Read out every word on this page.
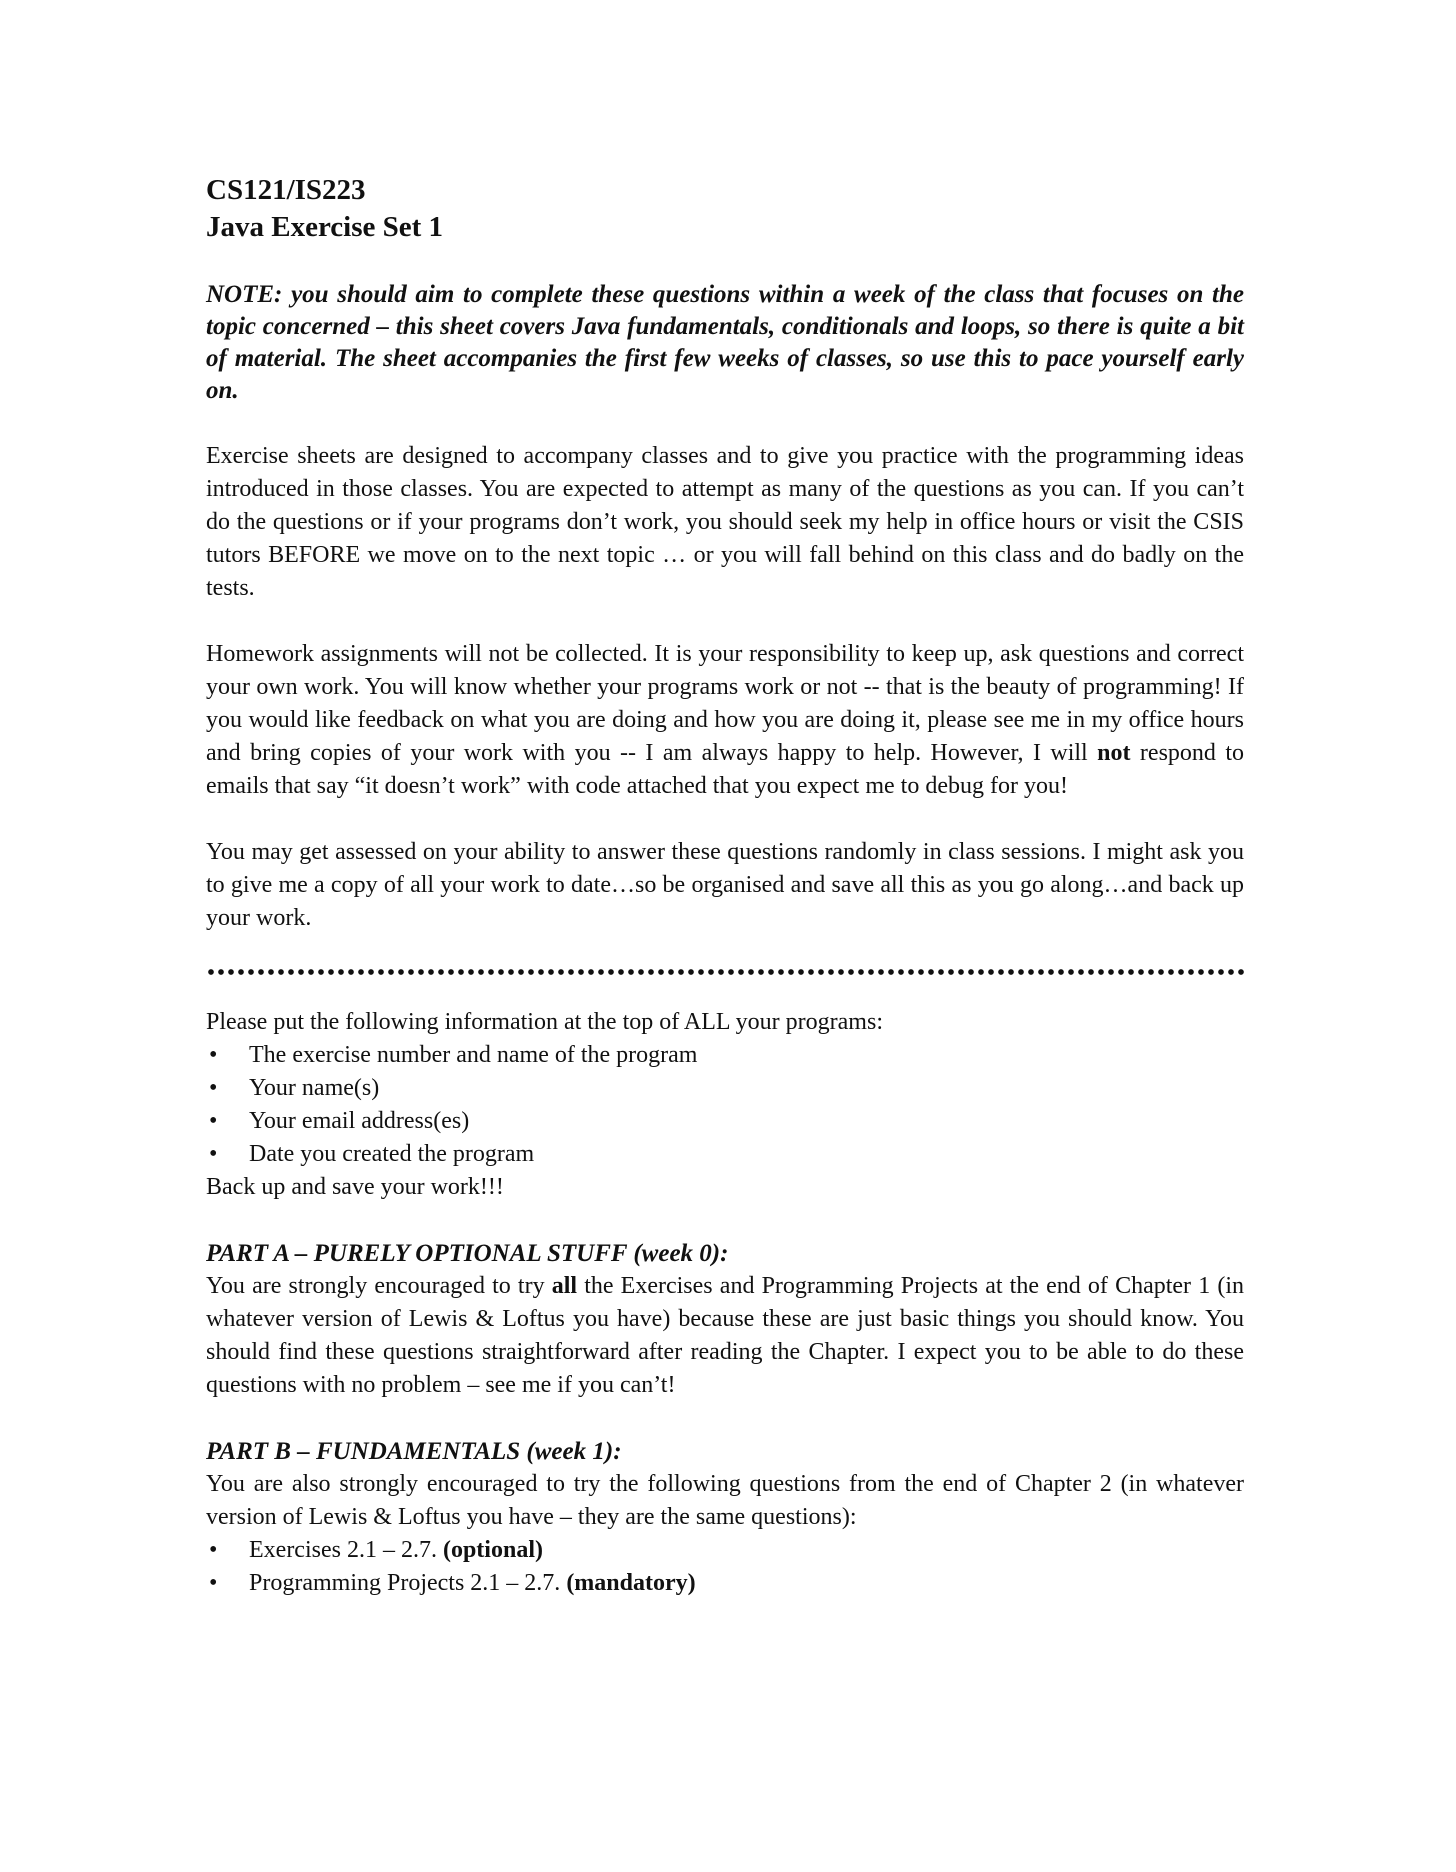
CS121/IS223
Java Exercise Set 1
NOTE: you should aim to complete these questions within a week of the class that focuses on the topic concerned – this sheet covers Java fundamentals, conditionals and loops, so there is quite a bit of material. The sheet accompanies the first few weeks of classes, so use this to pace yourself early on.
Exercise sheets are designed to accompany classes and to give you practice with the programming ideas introduced in those classes. You are expected to attempt as many of the questions as you can. If you can’t do the questions or if your programs don’t work, you should seek my help in office hours or visit the CSIS tutors BEFORE we move on to the next topic … or you will fall behind on this class and do badly on the tests.
Homework assignments will not be collected. It is your responsibility to keep up, ask questions and correct your own work. You will know whether your programs work or not -- that is the beauty of programming! If you would like feedback on what you are doing and how you are doing it, please see me in my office hours and bring copies of your work with you -- I am always happy to help. However, I will not respond to emails that say “it doesn’t work” with code attached that you expect me to debug for you!
You may get assessed on your ability to answer these questions randomly in class sessions. I might ask you to give me a copy of all your work to date…so be organised and save all this as you go along…and back up your work.
Please put the following information at the top of ALL your programs:
• The exercise number and name of the program
• Your name(s)
• Your email address(es)
• Date you created the program
Back up and save your work!!!
PART A – PURELY OPTIONAL STUFF (week 0):
You are strongly encouraged to try all the Exercises and Programming Projects at the end of Chapter 1 (in whatever version of Lewis & Loftus you have) because these are just basic things you should know. You should find these questions straightforward after reading the Chapter. I expect you to be able to do these questions with no problem – see me if you can’t!
PART B – FUNDAMENTALS (week 1):
You are also strongly encouraged to try the following questions from the end of Chapter 2 (in whatever version of Lewis & Loftus you have – they are the same questions):
• Exercises 2.1 – 2.7. (optional)
• Programming Projects 2.1 – 2.7. (mandatory)
